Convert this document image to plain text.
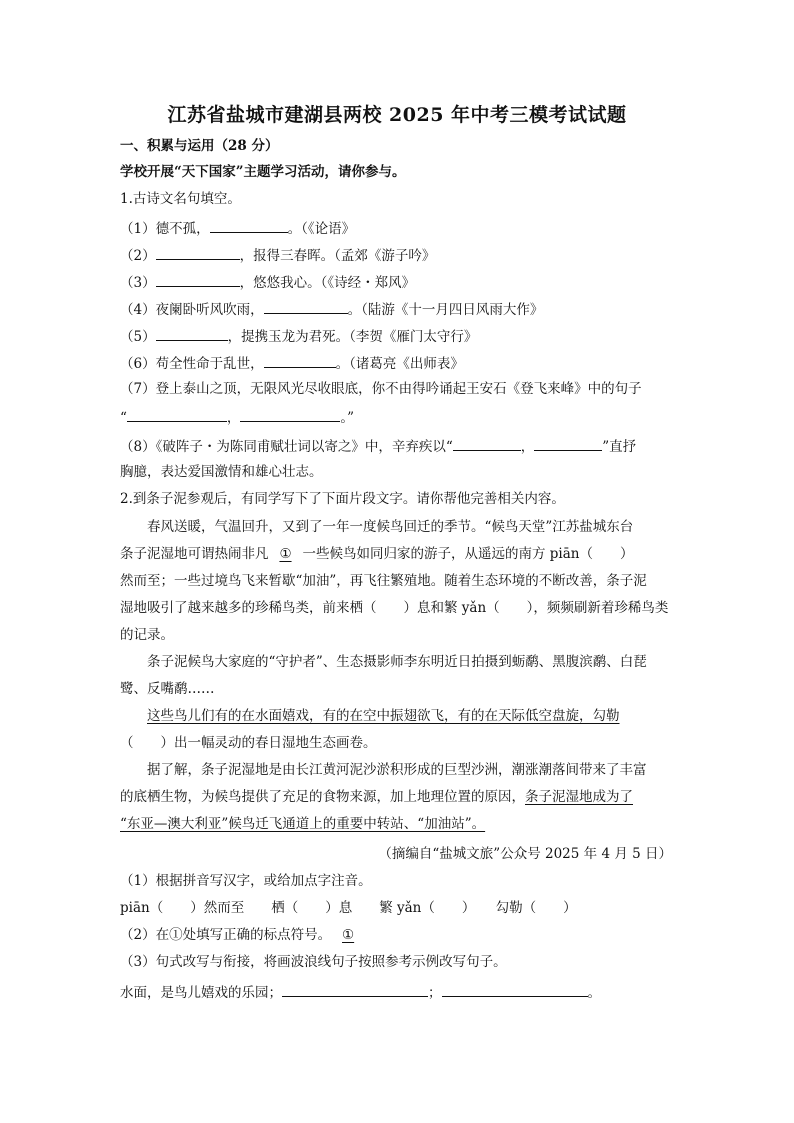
江苏省盐城市建湖县两校 2025 年中考三模考试试题
一、积累与运用（28 分）
学校开展“天下国家”主题学习活动，请你参与。
1.古诗文名句填空。
（1）德不孤，	。（《论语》
（2）	，报得三春晖。（孟郊《游子吟》
（3）	，悠悠我心。（《诗经・郑风》
（4）夜阑卧听风吹雨，	。（陆游《十一月四日风雨大作》
（5）	，提携玉龙为君死。（李贺《雁门太守行》
（6）苟全性命于乱世，	。（诸葛亮《出师表》
（7）登上泰山之顶，无限风光尽收眼底，你不由得吟诵起王安石《登飞来峰》中的句子
“	，	。”
（8）《破阵子・为陈同甫赋壮词以寄之》中，辛弃疾以“	，	”直抒
胸臆，表达爱国激情和雄心壮志。
2.到条子泥参观后，有同学写下了下面片段文字。请你帮他完善相关内容。
春风送暖，气温回升，又到了一年一度候鸟回迁的季节。“候鸟天堂”江苏盐城东台
条子泥湿地可谓热闹非凡 ① 一些候鸟如同归家的游子，从遥远的南方 piān（　　）
然而至；一些过境鸟飞来暂歇“加油”，再飞往繁殖地。随着生态环境的不断改善，条子泥
湿地吸引了越来越多的珍稀鸟类，前来栖（　　）息和繁 yǎn（　　），频频刷新着珍稀鸟类
的记录。
条子泥候鸟大家庭的“守护者”、生态摄影师李东明近日拍摄到蛎鹬、黑腹滨鹬、白琵
鹭、反嘴鹬……
这些鸟儿们有的在水面嬉戏，有的在空中振翅欲飞，有的在天际低空盘旋，勾勒
（　　）出一幅灵动的春日湿地生态画卷。
据了解，条子泥湿地是由长江黄河泥沙淤积形成的巨型沙洲，潮涨潮落间带来了丰富
的底栖生物，为候鸟提供了充足的食物来源，加上地理位置的原因，条子泥湿地成为了
“东亚—澳大利亚”候鸟迁飞通道上的重要中转站、“加油站”。
（摘编自“盐城文旅”公众号 2025 年 4 月 5 日）
（1）根据拼音写汉字，或给加点字注音。
piān（　　）然而至　　栖（　　）息　　繁 yǎn（　　）　　勾勒（　　）
（2）在①处填写正确的标点符号。 ①
（3）句式改写与衔接，将画波浪线句子按照参考示例改写句子。
水面，是鸟儿嬉戏的乐园；	；	。
